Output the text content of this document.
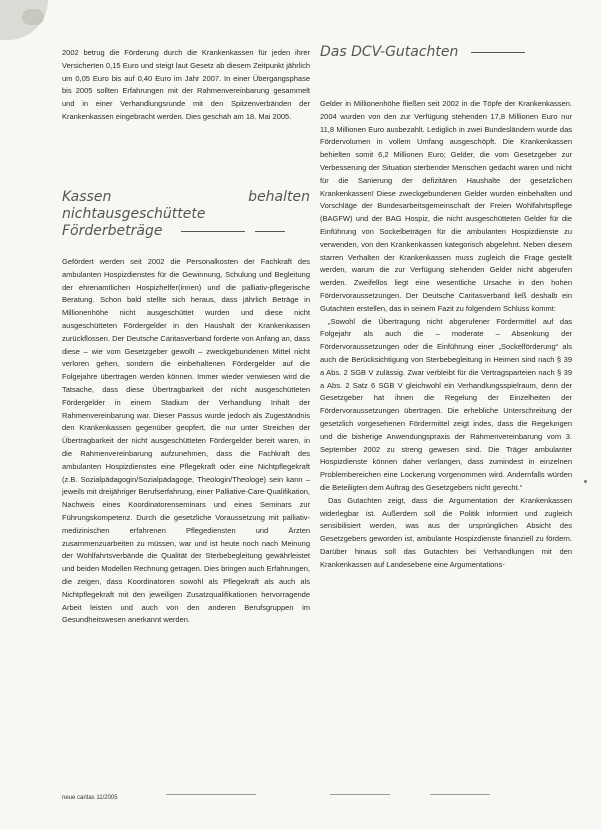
2002 betrug die Förderung durch die Krankenkassen für jeden ihrer Versicherten 0,15 Euro und steigt laut Gesetz ab diesem Zeitpunkt jährlich um 0,05 Euro bis auf 0,40 Euro im Jahr 2007. In einer Übergangsphase bis 2005 sollten Erfahrungen mit der Rahmenvereinbarung gesammelt und in einer Verhandlungsrunde mit den Spitzenverbänden der Krankenkassen eingebracht werden. Dies geschah am 18. Mai 2005.

Kassen behalten nichtausgeschüttete

Förderbeträge

Gefördert werden seit 2002 die Personalkosten der Fachkraft des ambulanten Hospizdienstes für die Gewinnung, Schulung und Begleitung der ehrenamtlichen Hospizhelfer(innen) und die palliativ-pflegerische Beratung. Schon bald stellte sich heraus, dass jährlich Beträge in Millionenhöhe nicht ausgeschüttet wurden und diese nicht ausgeschütteten Fördergelder in den Haushalt der Krankenkassen zurückflossen. Der Deutsche Caritasverband forderte von Anfang an, dass diese – wie vom Gesetzgeber gewollt – zweckgebundenen Mittel nicht verloren gehen, sondern die einbehaltenen Fördergelder auf die Folgejahre übertragen werden können. Immer wieder verwiesen wird die Tatsache, dass diese Übertragbarkeit der nicht ausgeschütteten Fördergelder in einem Stadium der Verhandlung Inhalt der Rahmenvereinbarung war. Dieser Passus wurde jedoch als Zugeständnis den Krankenkassen gegenüber geopfert, die nur unter Streichen der Übertragbarkeit der nicht ausgeschütteten Fördergelder bereit waren, in die Rahmenvereinbarung aufzunehmen, dass die Fachkraft des ambulanten Hospizdienstes eine Pflegekraft oder eine Nichtpflegekraft (z.B. Sozialpädagogin/Sozialpädagoge, Theologin/Theologe) sein kann – jeweils mit dreijähriger Berufserfahrung, einer Palliative-Care-Qualifikation, Nachweis eines Koordinatorenseminars und eines Seminars zur Führungskompetenz. Durch die gesetzliche Voraussetzung mit palliativ-medizinischen erfahrenen Pflegediensten und Ärzten zusammenzuarbeiten zu müssen, war und ist heute noch nach Meinung der Wohlfahrtsverbände die Qualität der Sterbebegleitung gewährleistet und beiden Modellen Rechnung getragen. Dies bringen auch Erfahrungen, die zeigen, dass Koordinatoren sowohl als Pflegekraft als auch als Nichtpflegekraft mit den jeweiligen Zusatzqualifikationen hervorragende Arbeit leisten und auch von den anderen Berufsgruppen im Gesundheitswesen anerkannt werden.

Das DCV-Gutachten

Gelder in Millionenhöhe fließen seit 2002 in die Töpfe der Krankenkassen. 2004 wurden von den zur Verfügung stehenden 17,8 Millionen Euro nur 11,8 Millionen Euro ausbezahlt. Lediglich in zwei Bundesländern wurde das Fördervolumen in vollem Umfang ausgeschöpft. Die Krankenkassen behielten somit 6,2 Millionen Euro; Gelder, die vom Gesetzgeber zur Verbesserung der Situation sterbender Menschen gedacht waren und nicht für die Sanierung der defizitären Haushalte der gesetzlichen Krankenkassen! Diese zweckgebundenen Gelder wurden einbehalten und Vorschläge der Bundesarbeitsgemeinschaft der Freien Wohlfahrtspflege (BAGFW) und der BAG Hospiz, die nicht ausgeschütteten Gelder für die Einführung von Sockelbeträgen für die ambulanten Hospizdienste zu verwenden, von den Krankenkassen kategorisch abgelehnt. Neben diesem starren Verhalten der Krankenkassen muss zugleich die Frage gestellt werden, warum die zur Verfügung stehenden Gelder nicht abgerufen werden. Zweifellos liegt eine wesentliche Ursache in den hohen Fördervoraussetzungen. Der Deutsche Caritasverband ließ deshalb ein Gutachten erstellen, das in seinem Fazit zu folgendem Schluss kommt:

„Sowohl die Übertragung nicht abgerufener Fördermittel auf das Folgejahr als auch die – moderate – Absenkung der Fördervoraussetzungen oder die Einführung einer „Sockelförderung“ als auch die Berücksichtigung von Sterbebegleitung in Heimen sind nach § 39 a Abs. 2 SGB V zulässig. Zwar verbleibt für die Vertragsparteien nach § 39 a Abs. 2 Satz 6 SGB V gleichwohl ein Verhandlungsspielraum, denn der Gesetzgeber hat ihnen die Regelung der Einzelheiten der Fördervoraussetzungen übertragen. Die erhebliche Unterschreitung der gesetzlich vorgesehenen Fördermittel zeigt indes, dass die Regelungen und die bisherige Anwendungspraxis der Rahmenvereinbarung vom 3. September 2002 zu streng gewesen sind. Die Träger ambulanter Hospizdienste können daher verlangen, dass zumindest in einzelnen Problembereichen eine Lockerung vorgenommen wird. Andernfalls würden die Beteiligten dem Auftrag des Gesetzgebers nicht gerecht.“

Das Gutachten zeigt, dass die Argumentation der Krankenkassen widerlegbar ist. Außerdem soll die Politik informiert und zugleich sensibilisiert werden, was aus der ursprünglichen Absicht des Gesetzgebers geworden ist, ambulante Hospizdienste finanziell zu fördern. Darüber hinaus soll das Gutachten bei Verhandlungen mit den Krankenkassen auf Landesebene eine Argumentations-

neue caritas 11/2005
